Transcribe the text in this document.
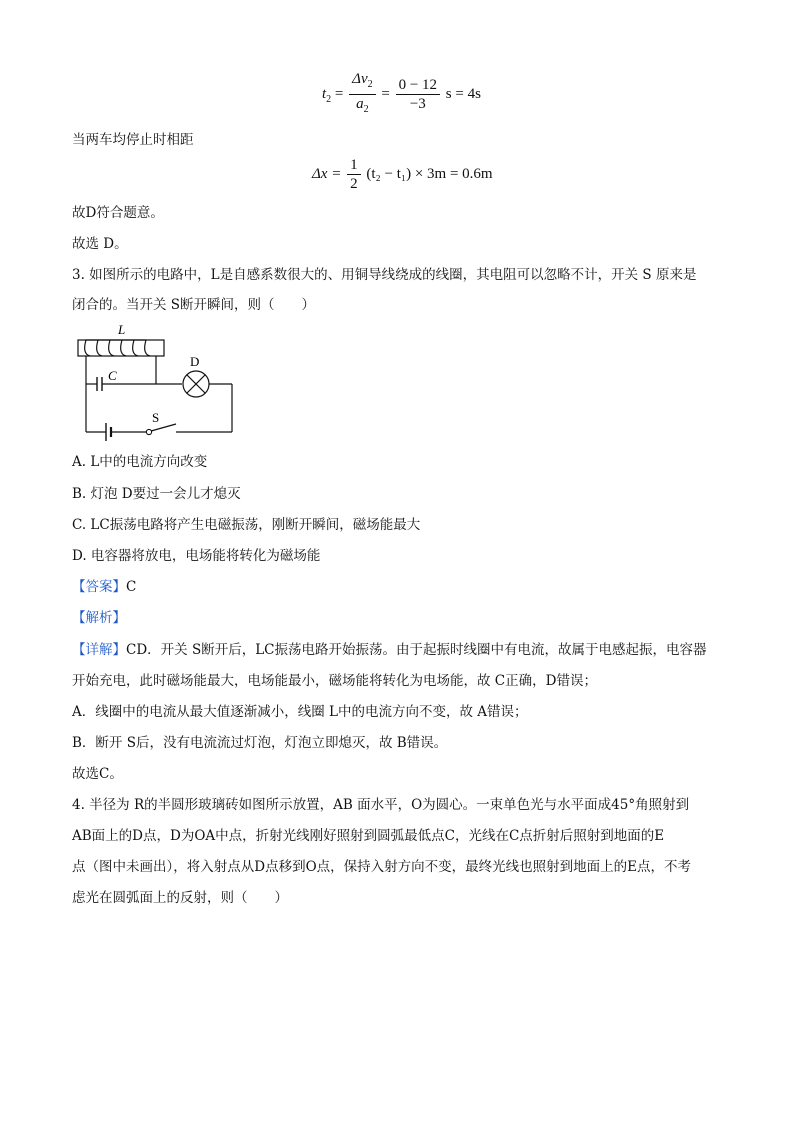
$t_2 = \frac{\Delta v_2}{a_2} = \frac{0 - 12}{-3}$ s = 4s
当两车均停止时相距
$\Delta x = \frac{1}{2} (t_2 - t_1) \times 3m = 0.6m$
故D符合题意。
故选 D。
3. 如图所示的电路中，L是自感系数很大的、用铜导线绕成的线圈，其电阻可以忽略不计，开关 S 原来是
闭合的。当开关 S断开瞬间，则（　　）
L
C
D
S
A. L中的电流方向改变
B. 灯泡 D要过一会儿才熄灭
C. LC振荡电路将产生电磁振荡，刚断开瞬间，磁场能最大
D. 电容器将放电，电场能将转化为磁场能
【答案】C
【解析】
【详解】CD．开关 S断开后，LC振荡电路开始振荡。由于起振时线圈中有电流，故属于电感起振，电容器
开始充电，此时磁场能最大，电场能最小，磁场能将转化为电场能，故 C正确，D错误；
A．线圈中的电流从最大值逐渐减小，线圈 L中的电流方向不变，故 A错误；
B．断开 S后，没有电流流过灯泡，灯泡立即熄灭，故 B错误。
故选C。
4. 半径为 R的半圆形玻璃砖如图所示放置，AB 面水平，O为圆心。一束单色光与水平面成45°角照射到
AB面上的D点，D为OA中点，折射光线刚好照射到圆弧最低点C，光线在C点折射后照射到地面的E
点（图中未画出），将入射点从D点移到O点，保持入射方向不变，最终光线也照射到地面上的E点，不考
虑光在圆弧面上的反射，则（　　）
